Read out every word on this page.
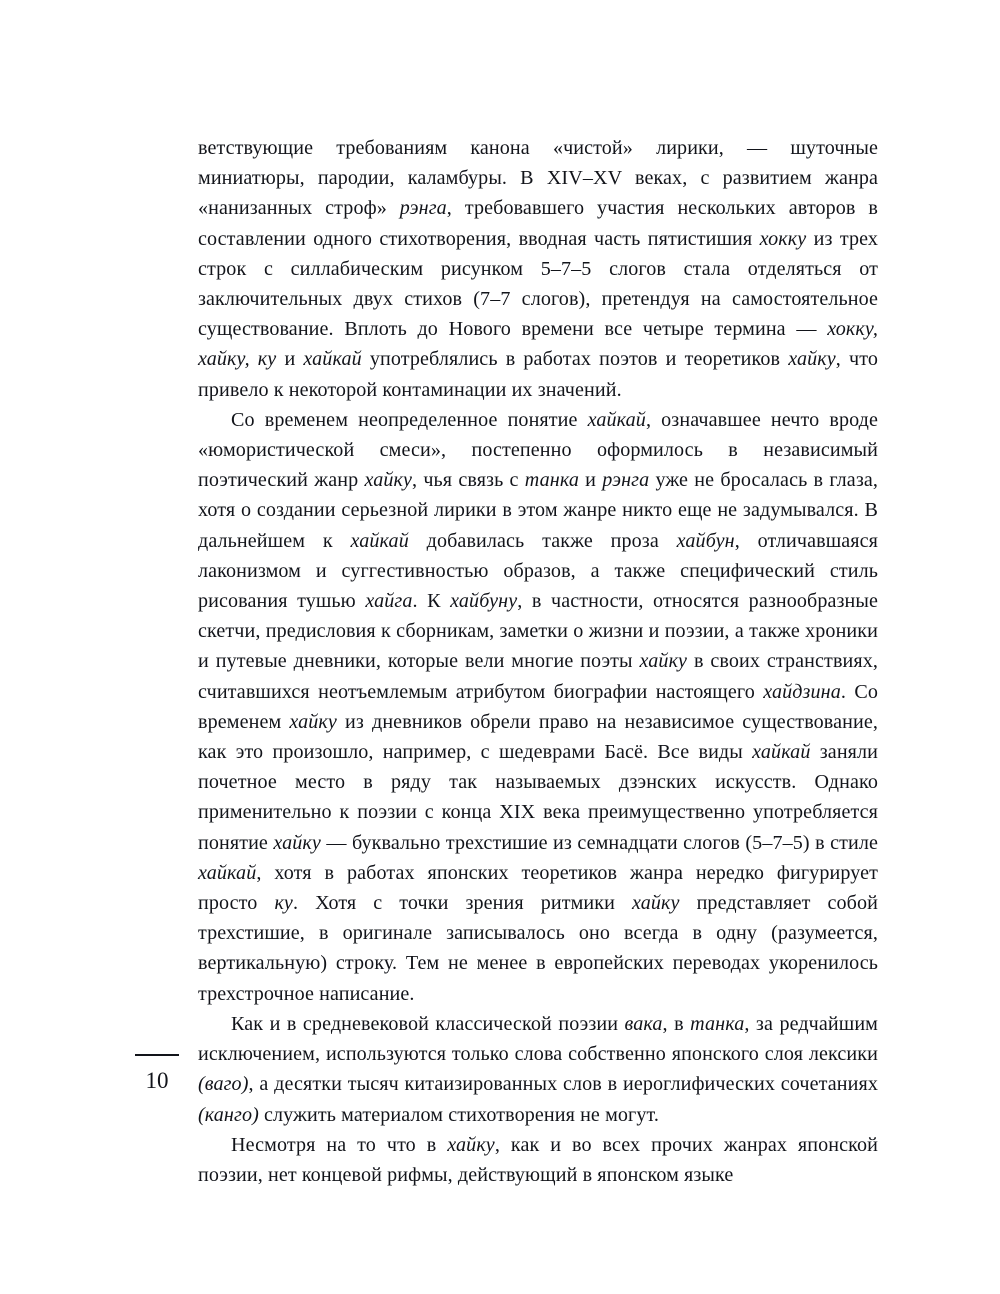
ветствующие требованиям канона «чистой» лирики, — шуточные миниатюры, пародии, каламбуры. В XIV–XV веках, с развитием жанра «нанизанных строф» рэнга, требовавшего участия нескольких авторов в составлении одного стихотворения, вводная часть пятистишия хокку из трех строк с силлабическим рисунком 5–7–5 слогов стала отделяться от заключительных двух стихов (7–7 слогов), претендуя на самостоятельное существование. Вплоть до Нового времени все четыре термина — хокку, хайку, ку и хайкай употреблялись в работах поэтов и теоретиков хайку, что привело к некоторой контаминации их значений.

Со временем неопределенное понятие хайкай, означавшее нечто вроде «юмористической смеси», постепенно оформилось в независимый поэтический жанр хайку, чья связь с танка и рэнга уже не бросалась в глаза, хотя о создании серьезной лирики в этом жанре никто еще не задумывался. В дальнейшем к хайкай добавилась также проза хайбун, отличавшаяся лаконизмом и суггестивностью образов, а также специфический стиль рисования тушью хайга. К хайбуну, в частности, относятся разнообразные скетчи, предисловия к сборникам, заметки о жизни и поэзии, а также хроники и путевые дневники, которые вели многие поэты хайку в своих странствиях, считавшихся неотъемлемым атрибутом биографии настоящего хайдзина. Со временем хайку из дневников обрели право на независимое существование, как это произошло, например, с шедеврами Басё. Все виды хайкай заняли почетное место в ряду так называемых дзэнских искусств. Однако применительно к поэзии с конца XIX века преимущественно употребляется понятие хайку — буквально трехстишие из семнадцати слогов (5–7–5) в стиле хайкай, хотя в работах японских теоретиков жанра нередко фигурирует просто ку. Хотя с точки зрения ритмики хайку представляет собой трехстишие, в оригинале записывалось оно всегда в одну (разумеется, вертикальную) строку. Тем не менее в европейских переводах укоренилось трехстрочное написание.

Как и в средневековой классической поэзии вака, в танка, за редчайшим исключением, используются только слова собственно японского слоя лексики (ваго), а десятки тысяч китаизированных слов в иероглифических сочетаниях (канго) служить материалом стихотворения не могут.

Несмотря на то что в хайку, как и во всех прочих жанрах японской поэзии, нет концевой рифмы, действующий в японском языке

10
